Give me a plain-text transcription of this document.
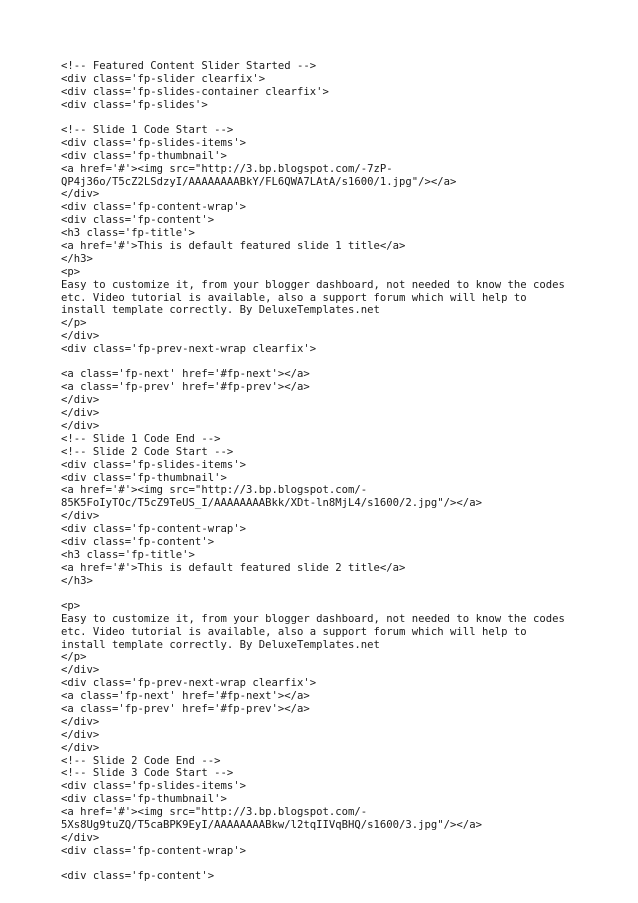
<!-- Featured Content Slider Started -->
<div class='fp-slider clearfix'>
<div class='fp-slides-container clearfix'>
<div class='fp-slides'>
<!-- Slide 1 Code Start -->
<div class='fp-slides-items'>
<div class='fp-thumbnail'>
<a href='#'><img src="http://3.bp.blogspot.com/-7zP-
QP4j36o/T5cZ2LSdzyI/AAAAAAAABkY/FL6QWA7LAtA/s1600/1.jpg"/></a>
</div>
<div class='fp-content-wrap'>
<div class='fp-content'>
<h3 class='fp-title'>
<a href='#'>This is default featured slide 1 title</a>
</h3>
<p>
Easy to customize it, from your blogger dashboard, not needed to know the codes
etc. Video tutorial is available, also a support forum which will help to
install template correctly. By DeluxeTemplates.net
</p>
</div>
<div class='fp-prev-next-wrap clearfix'>
<a class='fp-next' href='#fp-next'></a>
<a class='fp-prev' href='#fp-prev'></a>
</div>
</div>
</div>
<!-- Slide 1 Code End -->
<!-- Slide 2 Code Start -->
<div class='fp-slides-items'>
<div class='fp-thumbnail'>
<a href='#'><img src="http://3.bp.blogspot.com/-
85K5FoIyTOc/T5cZ9TeUS_I/AAAAAAAABkk/XDt-ln8MjL4/s1600/2.jpg"/></a>
</div>
<div class='fp-content-wrap'>
<div class='fp-content'>
<h3 class='fp-title'>
<a href='#'>This is default featured slide 2 title</a>
</h3>
<p>
Easy to customize it, from your blogger dashboard, not needed to know the codes
etc. Video tutorial is available, also a support forum which will help to
install template correctly. By DeluxeTemplates.net
</p>
</div>
<div class='fp-prev-next-wrap clearfix'>
<a class='fp-next' href='#fp-next'></a>
<a class='fp-prev' href='#fp-prev'></a>
</div>
</div>
</div>
<!-- Slide 2 Code End -->
<!-- Slide 3 Code Start -->
<div class='fp-slides-items'>
<div class='fp-thumbnail'>
<a href='#'><img src="http://3.bp.blogspot.com/-
5Xs8Ug9tuZQ/T5caBPK9EyI/AAAAAAAABkw/l2tqIIVqBHQ/s1600/3.jpg"/></a>
</div>
<div class='fp-content-wrap'>
<div class='fp-content'>
